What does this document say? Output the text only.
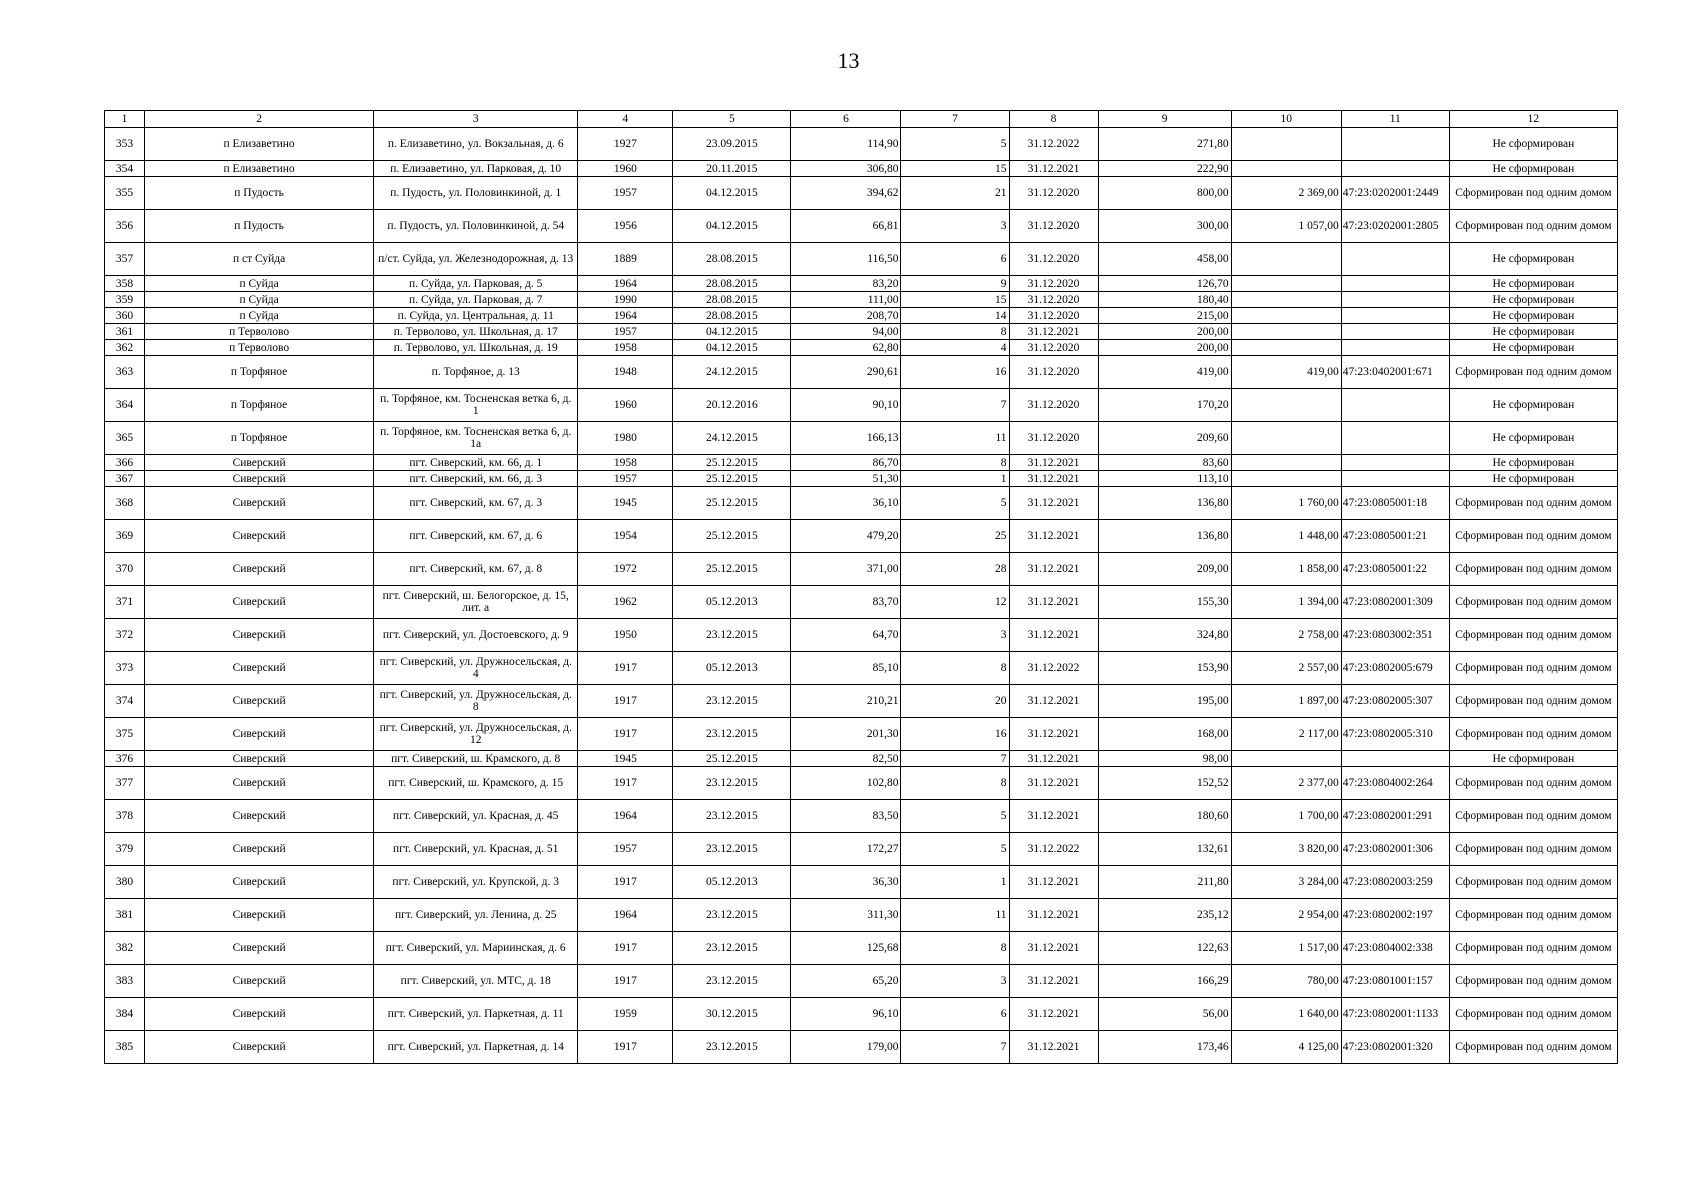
13
1	2	3	4	5	6	7	8	9	10	11	12
353	п Елизаветино	п. Елизаветино, ул. Вокзальная, д. 6	1927	23.09.2015	114,90	5	31.12.2022	271,80			Не сформирован
354	п Елизаветино	п. Елизаветино, ул. Парковая, д. 10	1960	20.11.2015	306,80	15	31.12.2021	222,90			Не сформирован
355	п Пудость	п. Пудость, ул. Половинкиной, д. 1	1957	04.12.2015	394,62	21	31.12.2020	800,00	2 369,00	47:23:0202001:2449	Сформирован под одним домом
356	п Пудость	п. Пудость, ул. Половинкиной, д. 54	1956	04.12.2015	66,81	3	31.12.2020	300,00	1 057,00	47:23:0202001:2805	Сформирован под одним домом
357	п ст Суйда	п/ст. Суйда, ул. Железнодорожная, д. 13	1889	28.08.2015	116,50	6	31.12.2020	458,00			Не сформирован
358	п Суйда	п. Суйда, ул. Парковая, д. 5	1964	28.08.2015	83,20	9	31.12.2020	126,70			Не сформирован
359	п Суйда	п. Суйда, ул. Парковая, д. 7	1990	28.08.2015	111,00	15	31.12.2020	180,40			Не сформирован
360	п Суйда	п. Суйда, ул. Центральная, д. 11	1964	28.08.2015	208,70	14	31.12.2020	215,00			Не сформирован
361	п Терволово	п. Терволово, ул. Школьная, д. 17	1957	04.12.2015	94,00	8	31.12.2021	200,00			Не сформирован
362	п Терволово	п. Терволово, ул. Школьная, д. 19	1958	04.12.2015	62,80	4	31.12.2020	200,00			Не сформирован
363	п Торфяное	п. Торфяное, д. 13	1948	24.12.2015	290,61	16	31.12.2020	419,00	419,00	47:23:0402001:671	Сформирован под одним домом
364	п Торфяное	п. Торфяное, км. Тосненская ветка 6, д. 1	1960	20.12.2016	90,10	7	31.12.2020	170,20			Не сформирован
365	п Торфяное	п. Торфяное, км. Тосненская ветка 6, д. 1а	1980	24.12.2015	166,13	11	31.12.2020	209,60			Не сформирован
366	Сиверский	пгт. Сиверский, км. 66, д. 1	1958	25.12.2015	86,70	8	31.12.2021	83,60			Не сформирован
367	Сиверский	пгт. Сиверский, км. 66, д. 3	1957	25.12.2015	51,30	1	31.12.2021	113,10			Не сформирован
368	Сиверский	пгт. Сиверский, км. 67, д. 3	1945	25.12.2015	36,10	5	31.12.2021	136,80	1 760,00	47:23:0805001:18	Сформирован под одним домом
369	Сиверский	пгт. Сиверский, км. 67, д. 6	1954	25.12.2015	479,20	25	31.12.2021	136,80	1 448,00	47:23:0805001:21	Сформирован под одним домом
370	Сиверский	пгт. Сиверский, км. 67, д. 8	1972	25.12.2015	371,00	28	31.12.2021	209,00	1 858,00	47:23:0805001:22	Сформирован под одним домом
371	Сиверский	пгт. Сиверский, ш. Белогорское, д. 15, лит. а	1962	05.12.2013	83,70	12	31.12.2021	155,30	1 394,00	47:23:0802001:309	Сформирован под одним домом
372	Сиверский	пгт. Сиверский, ул. Достоевского, д. 9	1950	23.12.2015	64,70	3	31.12.2021	324,80	2 758,00	47:23:0803002:351	Сформирован под одним домом
373	Сиверский	пгт. Сиверский, ул. Дружносельская, д. 4	1917	05.12.2013	85,10	8	31.12.2022	153,90	2 557,00	47:23:0802005:679	Сформирован под одним домом
374	Сиверский	пгт. Сиверский, ул. Дружносельская, д. 8	1917	23.12.2015	210,21	20	31.12.2021	195,00	1 897,00	47:23:0802005:307	Сформирован под одним домом
375	Сиверский	пгт. Сиверский, ул. Дружносельская, д. 12	1917	23.12.2015	201,30	16	31.12.2021	168,00	2 117,00	47:23:0802005:310	Сформирован под одним домом
376	Сиверский	пгт. Сиверский, ш. Крамского, д. 8	1945	25.12.2015	82,50	7	31.12.2021	98,00			Не сформирован
377	Сиверский	пгт. Сиверский, ш. Крамского, д. 15	1917	23.12.2015	102,80	8	31.12.2021	152,52	2 377,00	47:23:0804002:264	Сформирован под одним домом
378	Сиверский	пгт. Сиверский, ул. Красная, д. 45	1964	23.12.2015	83,50	5	31.12.2021	180,60	1 700,00	47:23:0802001:291	Сформирован под одним домом
379	Сиверский	пгт. Сиверский, ул. Красная, д. 51	1957	23.12.2015	172,27	5	31.12.2022	132,61	3 820,00	47:23:0802001:306	Сформирован под одним домом
380	Сиверский	пгт. Сиверский, ул. Крупской, д. 3	1917	05.12.2013	36,30	1	31.12.2021	211,80	3 284,00	47:23:0802003:259	Сформирован под одним домом
381	Сиверский	пгт. Сиверский, ул. Ленина, д. 25	1964	23.12.2015	311,30	11	31.12.2021	235,12	2 954,00	47:23:0802002:197	Сформирован под одним домом
382	Сиверский	пгт. Сиверский, ул. Мариинская, д. 6	1917	23.12.2015	125,68	8	31.12.2021	122,63	1 517,00	47:23:0804002:338	Сформирован под одним домом
383	Сиверский	пгт. Сиверский, ул. МТС, д. 18	1917	23.12.2015	65,20	3	31.12.2021	166,29	780,00	47:23:0801001:157	Сформирован под одним домом
384	Сиверский	пгт. Сиверский, ул. Паркетная, д. 11	1959	30.12.2015	96,10	6	31.12.2021	56,00	1 640,00	47:23:0802001:1133	Сформирован под одним домом
385	Сиверский	пгт. Сиверский, ул. Паркетная, д. 14	1917	23.12.2015	179,00	7	31.12.2021	173,46	4 125,00	47:23:0802001:320	Сформирован под одним домом
